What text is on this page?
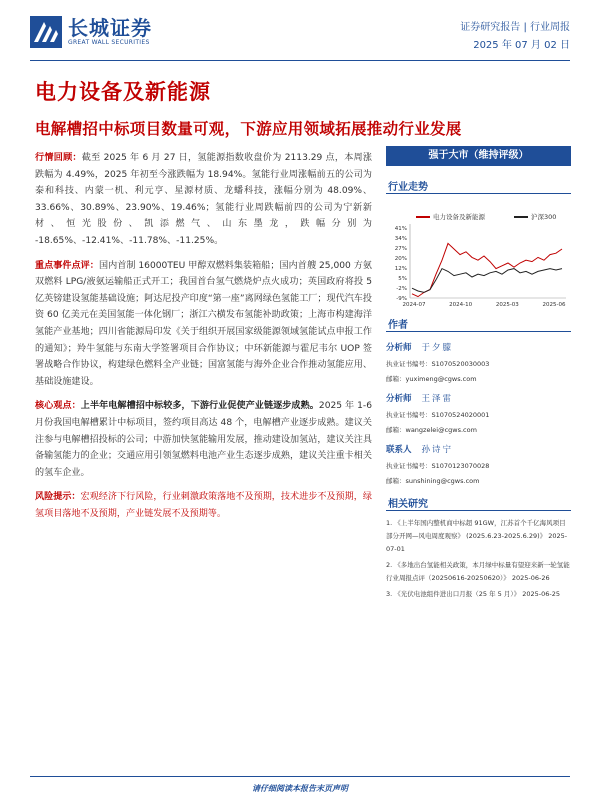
长城证券
GREAT WALL SECURITIES
证券研究报告 | 行业周报
2025 年 07 月 02 日
电力设备及新能源
电解槽招中标项目数量可观，下游应用领域拓展推动行业发展

行情回顾：截至 2025 年 6 月 27 日，氢能源指数收盘价为 2113.29 点，本周涨跌幅为 4.49%，2025 年初至今涨跌幅为 18.94%。氢能行业周涨幅前五的公司为泰和科技、内蒙一机、利元亨、星源材质、龙蟠科技，涨幅分别为 48.09%、33.66%、30.89%、23.90%、19.46%；氢能行业周跌幅前四的公司为宁新新材、恒光股份、凯添燃气、山东墨龙，跌幅分别为 -18.65%、-12.41%、-11.78%、-11.25%。

重点事件点评：国内首制 16000TEU 甲醇双燃料集装箱船；国内首艘 25,000 方氨双燃料 LPG/液氨运输船正式开工；我国首台氢气燃烧炉点火成功；英国政府将投 5 亿英镑建设氢能基础设施；阿达尼投产印度“第一座”离网绿色氢能工厂；现代汽车投资 60 亿美元在美国氢能一体化钢厂；浙江六横发布氢能补助政策；上海市构建海洋氢能产业基地；四川省能源局印发《关于组织开展国家级能源领域氢能试点申报工作的通知》；羚牛氢能与东南大学签署项目合作协议；中环新能源与霍尼韦尔 UOP 签署战略合作协议，构建绿色燃料全产业链；国富氢能与海外企业合作推动氢能应用、基础设施建设。

核心观点：上半年电解槽招中标较多，下游行业促使产业链逐步成熟。2025 年 1-6 月份我国电解槽累计中标项目，签约项目高达 48 个，电解槽产业逐步成熟。建议关注参与电解槽招投标的公司；中游加快氢能输用发展，推动建设加氢站，建议关注具备输氢能力的企业；交通应用引领氢燃料电池产业生态逐步成熟，建议关注重卡相关的氢车企业。

风险提示：宏观经济下行风险，行业刺激政策落地不及预期，技术进步不及预期，绿氢项目落地不及预期，产业链发展不及预期等。

强于大市（维持评级）
行业走势
41%
34%
27%
20%
12%
5%
-2%
-9%
2024-07	2024-10	2025-03	2025-06
电力设备及新能源	沪深300
作者
分析师 于夕朦
执业证书编号：S1070520030003
邮箱：yuximeng@cgws.com
分析师 王泽雷
执业证书编号：S1070524020001
邮箱：wangzelei@cgws.com
联系人 孙诗宁
执业证书编号：S1070123070028
邮箱：sunshining@cgws.com
相关研究
1. 《上半年国内整机商中标超 91GW，江苏首个千亿海风项目部分开网—风电周度观察》 (2025.6.23-2025.6.29)》 2025-07-01
2. 《多地出台氢能相关政策，本月绿中标量有望迎来新一轮氢能行业周报点评（20250616-20250620）》 2025-06-26
3. 《光伏电池组件进出口月报（25 年 5 月）》 2025-06-25
请仔细阅读本报告末页声明
